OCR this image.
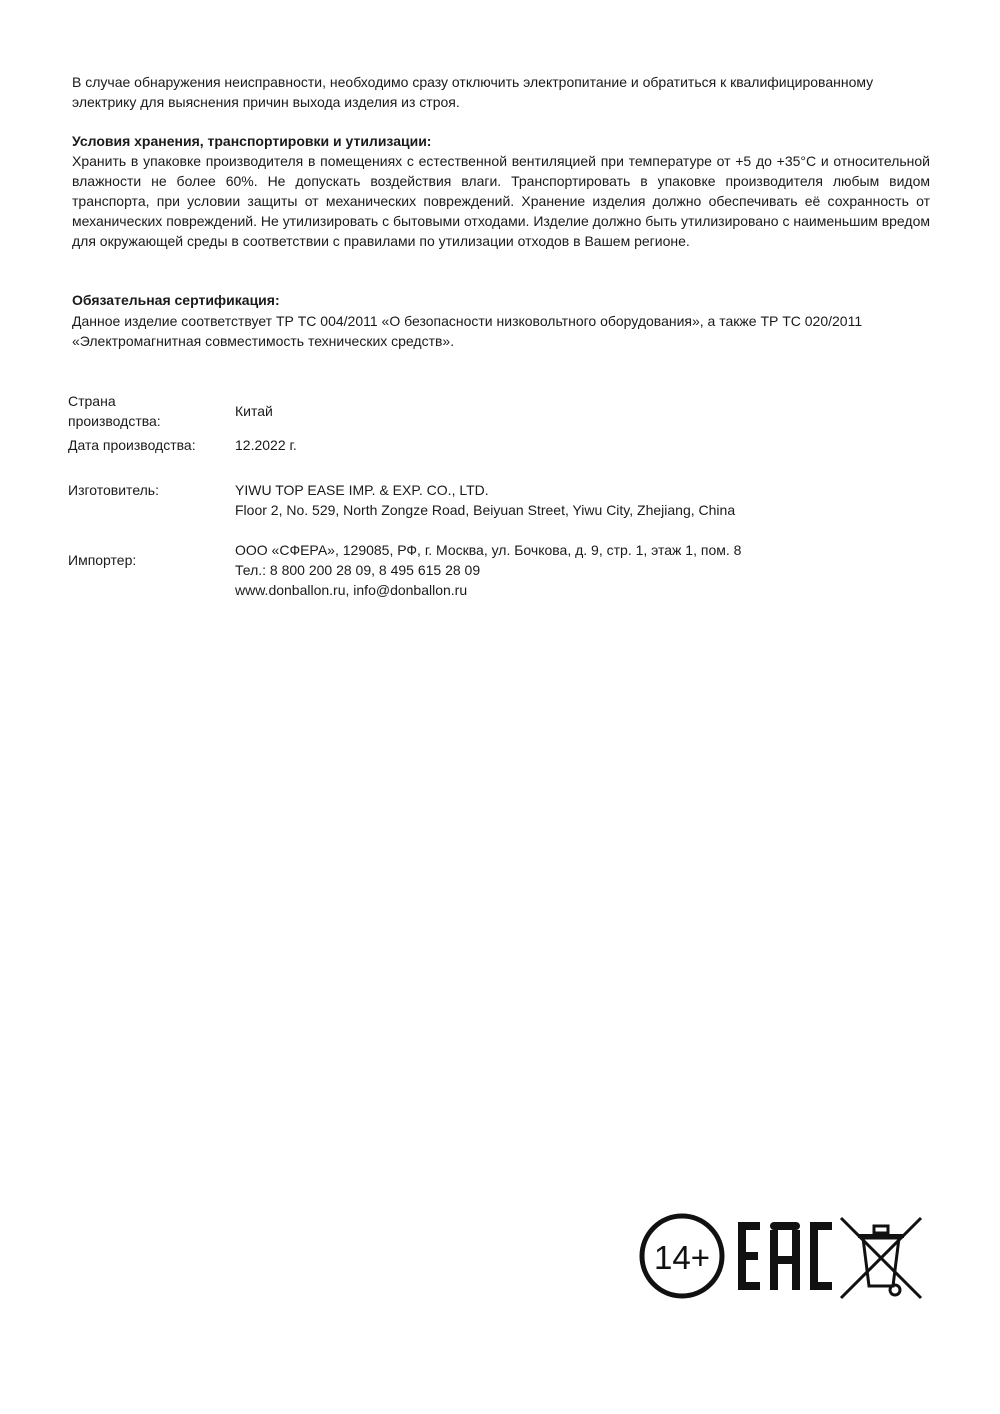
В случае обнаружения неисправности, необходимо сразу отключить электропитание и обратиться к квалифицированному электрику для выяснения причин выхода изделия из строя.

Условия хранения, транспортировки и утилизации:

Хранить в упаковке производителя в помещениях с естественной вентиляцией при температуре от +5 до +35°С и относительной влажности не более 60%. Не допускать воздействия влаги. Транспортировать в упаковке производителя любым видом транспорта, при условии защиты от механических повреждений. Хранение изделия должно обеспечивать её сохранность от механических повреждений. Не утилизировать с бытовыми отходами. Изделие должно быть утилизировано с наименьшим вредом для окружающей среды в соответствии с правилами по утилизации отходов в Вашем регионе.

Обязательная сертификация:

Данное изделие соответствует ТР ТС 004/2011 «О безопасности низковольтного оборудования», а также ТР ТС 020/2011 «Электромагнитная совместимость технических средств».

Страна производства:
Китай
Дата производства:	12.2022 г.
Изготовитель:	YIWU TOP EASE IMP. & EXP. CO., LTD.
Floor 2, No. 529, North Zongze Road, Beiyuan Street, Yiwu City, Zhejiang, China
Импортер:
ООО «СФЕРА», 129085, РФ, г. Москва, ул. Бочкова, д. 9, стр. 1, этаж 1, пом. 8
Тел.: 8 800 200 28 09, 8 495 615 28 09
www.donballon.ru, info@donballon.ru
14+
